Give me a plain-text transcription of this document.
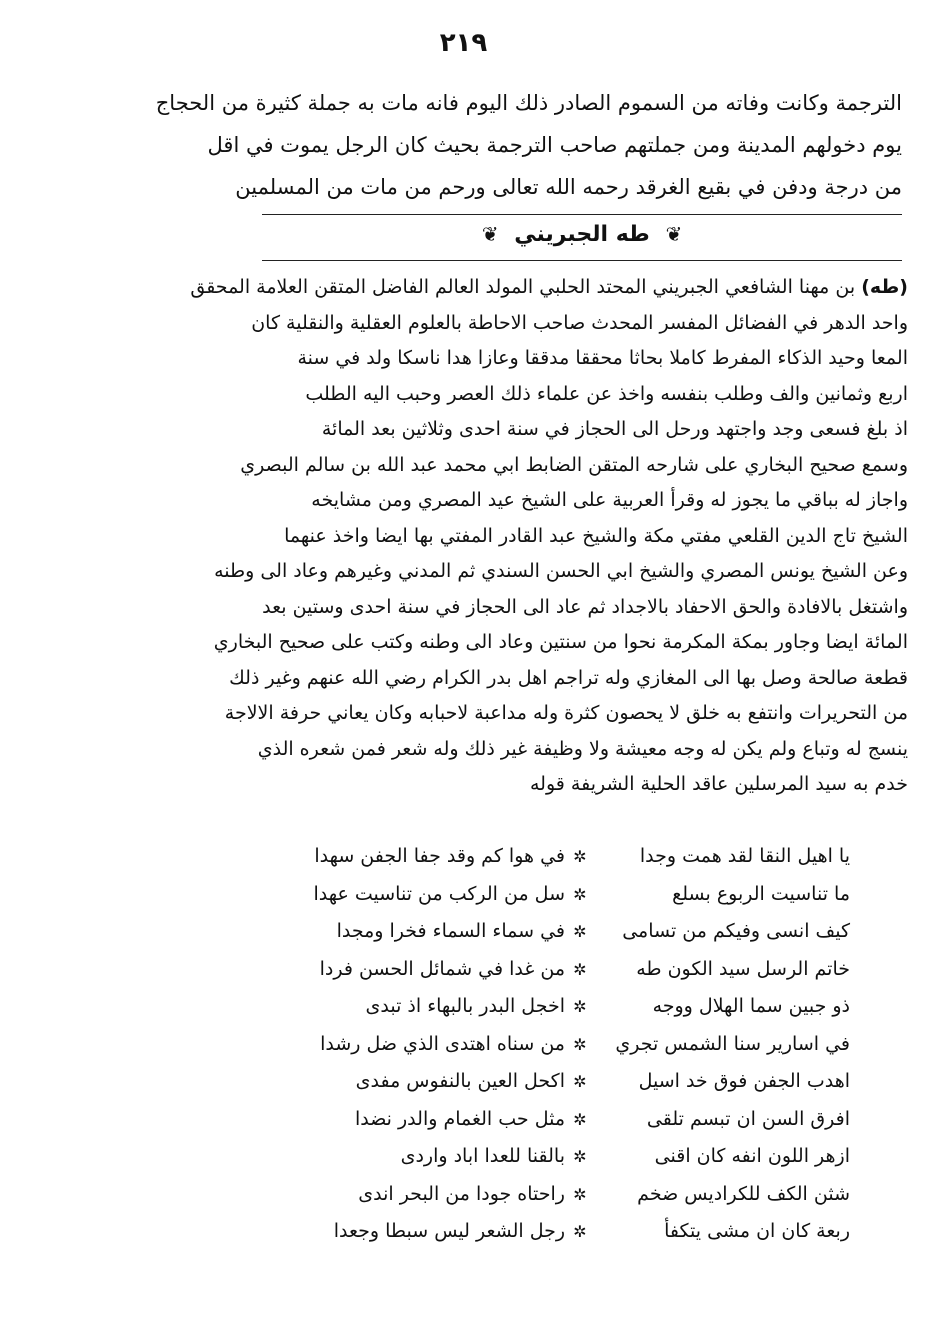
٢١٩
الترجمة وكانت وفاته من السموم الصادر ذلك اليوم فانه مات به جملة كثيرة من الحجاج
يوم دخولهم المدينة ومن جملتهم صاحب الترجمة بحيث كان الرجل يموت في اقل
من درجة ودفن في بقيع الغرقد رحمه الله تعالى ورحم من مات من المسلمين
❦ طه الجبريني ❦
(طه) بن مهنا الشافعي الجبريني المحتد الحلبي المولد العالم الفاضل المتقن العلامة المحقق
واحد الدهر في الفضائل المفسر المحدث صاحب الاحاطة بالعلوم العقلية والنقلية كان
المعا وحيد الذكاء المفرط كاملا بحاثا محققا مدققا وعازا هدا ناسكا ولد في سنة
اربع وثمانين والف وطلب بنفسه واخذ عن علماء ذلك العصر وحبب اليه الطلب
اذ بلغ فسعى وجد واجتهد ورحل الى الحجاز في سنة احدى وثلاثين بعد المائة
وسمع صحيح البخاري على شارحه المتقن الضابط ابي محمد عبد الله بن سالم البصري
واجاز له بباقي ما يجوز له وقرأ العربية على الشيخ عيد المصري ومن مشايخه
الشيخ تاج الدين القلعي مفتي مكة والشيخ عبد القادر المفتي بها ايضا واخذ عنهما
وعن الشيخ يونس المصري والشيخ ابي الحسن السندي ثم المدني وغيرهم وعاد الى وطنه
واشتغل بالافادة والحق الاحفاد بالاجداد ثم عاد الى الحجاز في سنة احدى وستين بعد
المائة ايضا وجاور بمكة المكرمة نحوا من سنتين وعاد الى وطنه وكتب على صحيح البخاري
قطعة صالحة وصل بها الى المغازي وله تراجم اهل بدر الكرام رضي الله عنهم وغير ذلك
من التحريرات وانتفع به خلق لا يحصون كثرة وله مداعبة لاحبابه وكان يعاني حرفة الالاجة
ينسج له وتباع ولم يكن له وجه معيشة ولا وظيفة غير ذلك وله شعر فمن شعره الذي
خدم به سيد المرسلين عاقد الحلية الشريفة قوله
يا اهيل النقا لقد همت وجدا
✲
في هوا كم وقد جفا الجفن سهدا
ما تناسيت الربوع بسلع
✲
سل من الركب من تناسيت عهدا
كيف انسى وفيكم من تسامى
✲
في سماء السماء فخرا ومجدا
خاتم الرسل سيد الكون طه
✲
من غدا في شمائل الحسن فردا
ذو جبين سما الهلال ووجه
✲
اخجل البدر بالبهاء اذ تبدى
في اسارير سنا الشمس تجري
✲
من سناه اهتدى الذي ضل رشدا
اهدب الجفن فوق خد اسيل
✲
اكحل العين بالنفوس مفدى
افرق السن ان تبسم تلقى
✲
مثل حب الغمام والدر نضدا
ازهر اللون انفه كان اقنى
✲
بالقنا للعدا اباد واردى
شثن الكف للكراديس ضخم
✲
راحتاه جودا من البحر اندى
ربعة كان ان مشى يتكفأ
✲
رجل الشعر ليس سبطا وجعدا
